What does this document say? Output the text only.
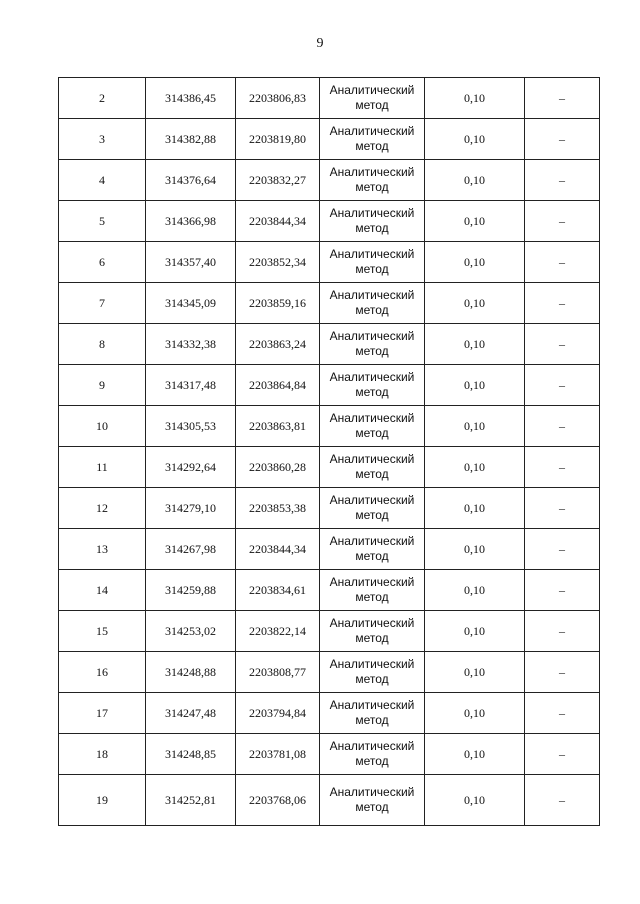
9
2	314386,45	2203806,83	Аналитический метод	0,10	–
3	314382,88	2203819,80	Аналитический метод	0,10	–
4	314376,64	2203832,27	Аналитический метод	0,10	–
5	314366,98	2203844,34	Аналитический метод	0,10	–
6	314357,40	2203852,34	Аналитический метод	0,10	–
7	314345,09	2203859,16	Аналитический метод	0,10	–
8	314332,38	2203863,24	Аналитический метод	0,10	–
9	314317,48	2203864,84	Аналитический метод	0,10	–
10	314305,53	2203863,81	Аналитический метод	0,10	–
11	314292,64	2203860,28	Аналитический метод	0,10	–
12	314279,10	2203853,38	Аналитический метод	0,10	–
13	314267,98	2203844,34	Аналитический метод	0,10	–
14	314259,88	2203834,61	Аналитический метод	0,10	–
15	314253,02	2203822,14	Аналитический метод	0,10	–
16	314248,88	2203808,77	Аналитический метод	0,10	–
17	314247,48	2203794,84	Аналитический метод	0,10	–
18	314248,85	2203781,08	Аналитический метод	0,10	–
19	314252,81	2203768,06	Аналитический метод	0,10	–
